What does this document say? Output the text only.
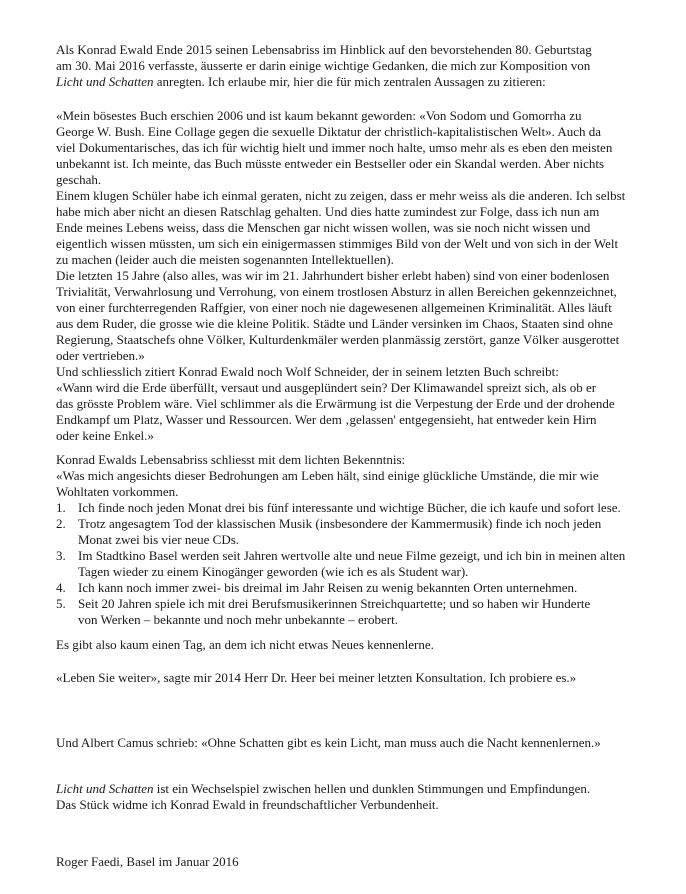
Als Konrad Ewald Ende 2015 seinen Lebensabriss im Hinblick auf den bevorstehenden 80. Geburtstag
am 30. Mai 2016 verfasste, äusserte er darin einige wichtige Gedanken, die mich zur Komposition von
Licht und Schatten anregten. Ich erlaube mir, hier die für mich zentralen Aussagen zu zitieren:
«Mein bösestes Buch erschien 2006 und ist kaum bekannt geworden: «Von Sodom und Gomorrha zu
George W. Bush. Eine Collage gegen die sexuelle Diktatur der christlich-kapitalistischen Welt». Auch da
viel Dokumentarisches, das ich für wichtig hielt und immer noch halte, umso mehr als es eben den meisten
unbekannt ist. Ich meinte, das Buch müsste entweder ein Bestseller oder ein Skandal werden. Aber nichts
geschah.
Einem klugen Schüler habe ich einmal geraten, nicht zu zeigen, dass er mehr weiss als die anderen. Ich selbst
habe mich aber nicht an diesen Ratschlag gehalten. Und dies hatte zumindest zur Folge, dass ich nun am
Ende meines Lebens weiss, dass die Menschen gar nicht wissen wollen, was sie noch nicht wissen und
eigentlich wissen müssten, um sich ein einigermassen stimmiges Bild von der Welt und von sich in der Welt
zu machen (leider auch die meisten sogenannten Intellektuellen).
Die letzten 15 Jahre (also alles, was wir im 21. Jahrhundert bisher erlebt haben) sind von einer bodenlosen
Trivialität, Verwahrlosung und Verrohung, von einem trostlosen Absturz in allen Bereichen gekennzeichnet,
von einer furchterregenden Raffgier, von einer noch nie dagewesenen allgemeinen Kriminalität. Alles läuft
aus dem Ruder, die grosse wie die kleine Politik. Städte und Länder versinken im Chaos, Staaten sind ohne
Regierung, Staatschefs ohne Völker, Kulturdenkmäler werden planmässig zerstört, ganze Völker ausgerottet
oder vertrieben.»
Und schliesslich zitiert Konrad Ewald noch Wolf Schneider, der in seinem letzten Buch schreibt:
«Wann wird die Erde überfüllt, versaut und ausgeplündert sein? Der Klimawandel spreizt sich, als ob er
das grösste Problem wäre. Viel schlimmer als die Erwärmung ist die Verpestung der Erde und der drohende
Endkampf um Platz, Wasser und Ressourcen. Wer dem ‚gelassen' entgegensieht, hat entweder kein Hirn
oder keine Enkel.»
Konrad Ewalds Lebensabriss schliesst mit dem lichten Bekenntnis:
«Was mich angesichts dieser Bedrohungen am Leben hält, sind einige glückliche Umstände, die mir wie
Wohltaten vorkommen.
1. Ich finde noch jeden Monat drei bis fünf interessante und wichtige Bücher, die ich kaufe und sofort lese.
2. Trotz angesagtem Tod der klassischen Musik (insbesondere der Kammermusik) finde ich noch jeden
Monat zwei bis vier neue CDs.
3. Im Stadtkino Basel werden seit Jahren wertvolle alte und neue Filme gezeigt, und ich bin in meinen alten
Tagen wieder zu einem Kinogänger geworden (wie ich es als Student war).
4. Ich kann noch immer zwei- bis dreimal im Jahr Reisen zu wenig bekannten Orten unternehmen.
5. Seit 20 Jahren spiele ich mit drei Berufsmusikerinnen Streichquartette; und so haben wir Hunderte
von Werken – bekannte und noch mehr unbekannte – erobert.

Es gibt also kaum einen Tag, an dem ich nicht etwas Neues kennenlerne.

«Leben Sie weiter», sagte mir 2014 Herr Dr. Heer bei meiner letzten Konsultation. Ich probiere es.»

Und Albert Camus schrieb: «Ohne Schatten gibt es kein Licht, man muss auch die Nacht kennenlernen.»

Licht und Schatten ist ein Wechselspiel zwischen hellen und dunklen Stimmungen und Empfindungen.
Das Stück widme ich Konrad Ewald in freundschaftlicher Verbundenheit.

Roger Faedi, Basel im Januar 2016
